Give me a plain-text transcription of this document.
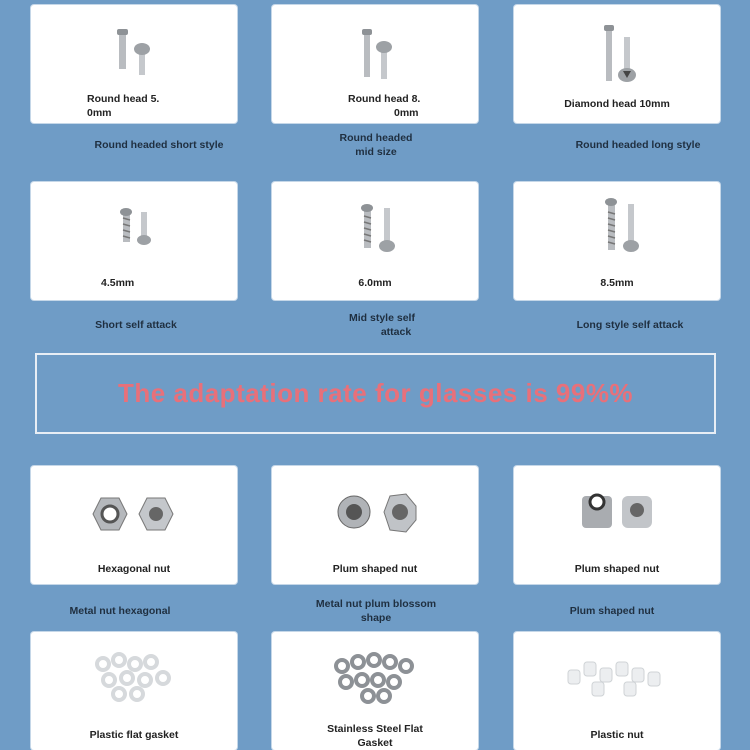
Round head 5.
0mm
Round head 8.
0mm
Diamond head 10mm
Round headed short style
Round headed
mid size
Round headed long style
4.5mm	6.0mm	8.5mm
Short self attack
Mid style self
attack
Long style self attack
The adaptation rate for glasses is 99%%
Hexagonal nut	Plum shaped nut	Plum shaped nut
Metal nut hexagonal
Metal nut plum blossom
shape
Plum shaped nut
Plastic flat gasket	Stainless Steel Flat
Gasket
Plastic nut
